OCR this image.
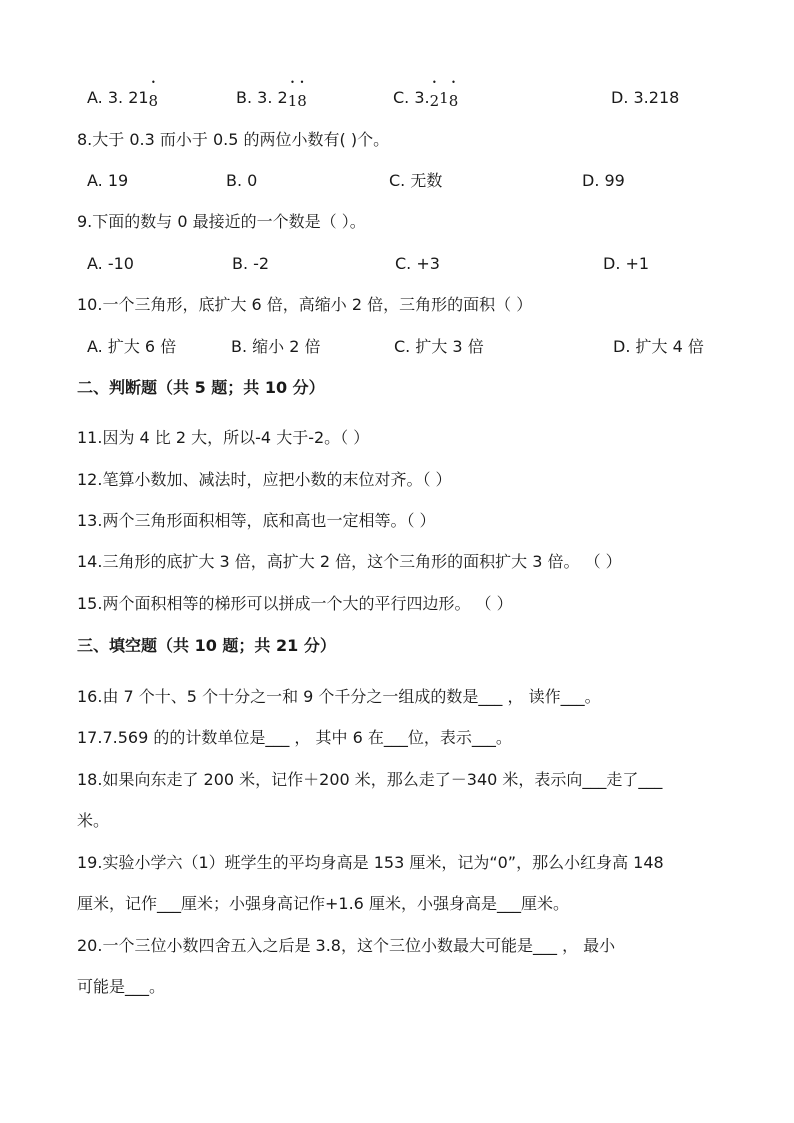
A. 3. 21• 8	B. 3. 2• 1• 8	C. 3.• 21• 8	D. 3.218
8.大于 0.3 而小于 0.5 的两位小数有( )个。
A. 19	B. 0	C. 无数	D. 99
9.下面的数与 0 最接近的一个数是（ ）。
A. -10	B. -2	C. +3	D. +1
10.一个三角形，底扩大 6 倍，高缩小 2 倍，三角形的面积（ ）
A. 扩大 6 倍	B. 缩小 2 倍	C. 扩大 3 倍	D. 扩大 4 倍
二、判断题（共 5 题；共 10 分）
11.因为 4 比 2 大，所以-4 大于-2。（ ）
12.笔算小数加、减法时，应把小数的末位对齐。（ ）
13.两个三角形面积相等，底和高也一定相等。（ ）
14.三角形的底扩大 3 倍，高扩大 2 倍，这个三角形的面积扩大 3 倍。 （ ）
15.两个面积相等的梯形可以拼成一个大的平行四边形。 （ ）
三、填空题（共 10 题；共 21 分）
16.由 7 个十、5 个十分之一和 9 个千分之一组成的数是___ ， 读作___。
17.7.569 的的计数单位是___ ， 其中 6 在___位，表示___。
18.如果向东走了 200 米，记作＋200 米，那么走了－340 米，表示向___走了___
米。
19.实验小学六（1）班学生的平均身高是 153 厘米，记为“0”，那么小红身高 148
厘米，记作___厘米；小强身高记作+1.6 厘米，小强身高是___厘米。
20.一个三位小数四舍五入之后是 3.8，这个三位小数最大可能是___ ， 最小
可能是___。
